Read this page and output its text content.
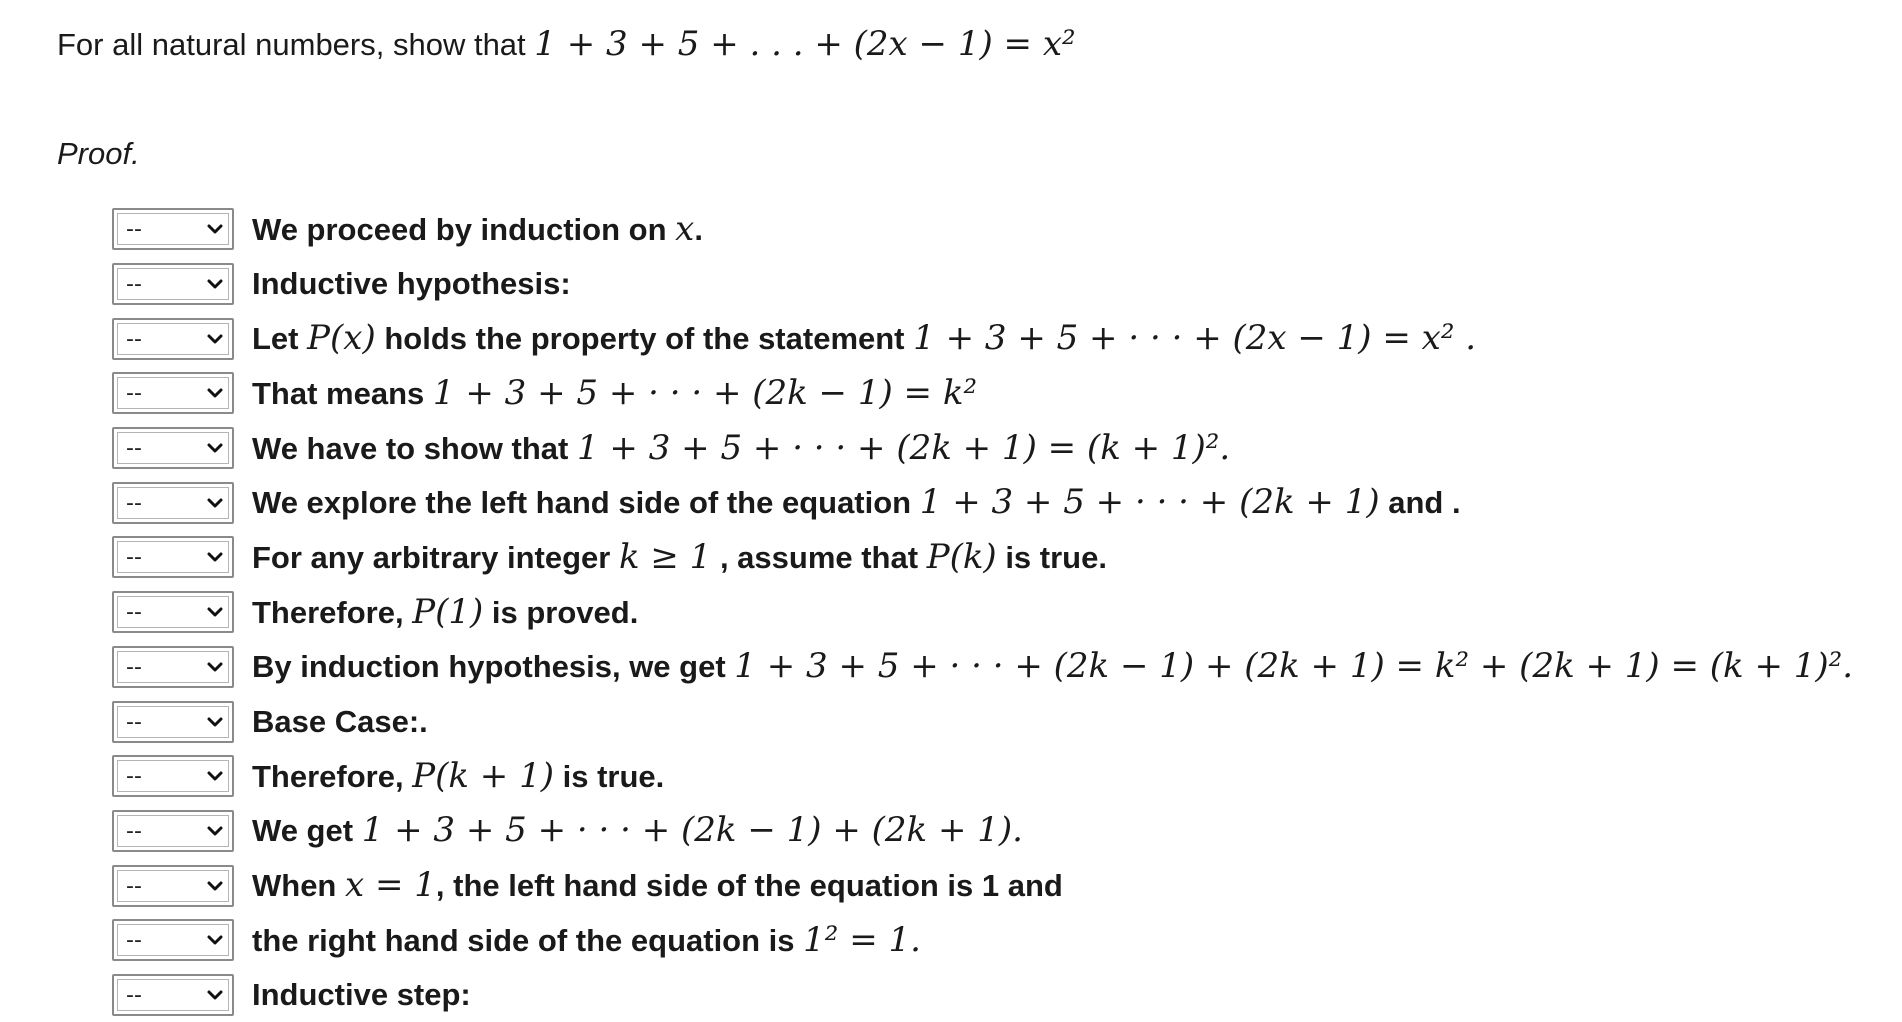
For all natural numbers, show that 1 + 3 + 5 + . . . + (2x − 1) = x²
Proof.
--	We proceed by induction on x.
--	Inductive hypothesis:
--	Let P(x) holds the property of the statement 1 + 3 + 5 + · · · + (2x − 1) = x² .
--	That means 1 + 3 + 5 + · · · + (2k − 1) = k²
--	We have to show that 1 + 3 + 5 + · · · + (2k + 1) = (k + 1)².
--	We explore the left hand side of the equation 1 + 3 + 5 + · · · + (2k + 1) and .
--	For any arbitrary integer k ≥ 1 , assume that P(k) is true.
--	Therefore, P(1) is proved.
--	By induction hypothesis, we get 1 + 3 + 5 + · · · + (2k − 1) + (2k + 1) = k² + (2k + 1) = (k + 1)².
--	Base Case:.
--	Therefore, P(k + 1) is true.
--	We get 1 + 3 + 5 + · · · + (2k − 1) + (2k + 1).
--	When x = 1, the left hand side of the equation is 1 and
--	the right hand side of the equation is 1² = 1.
--	Inductive step:
